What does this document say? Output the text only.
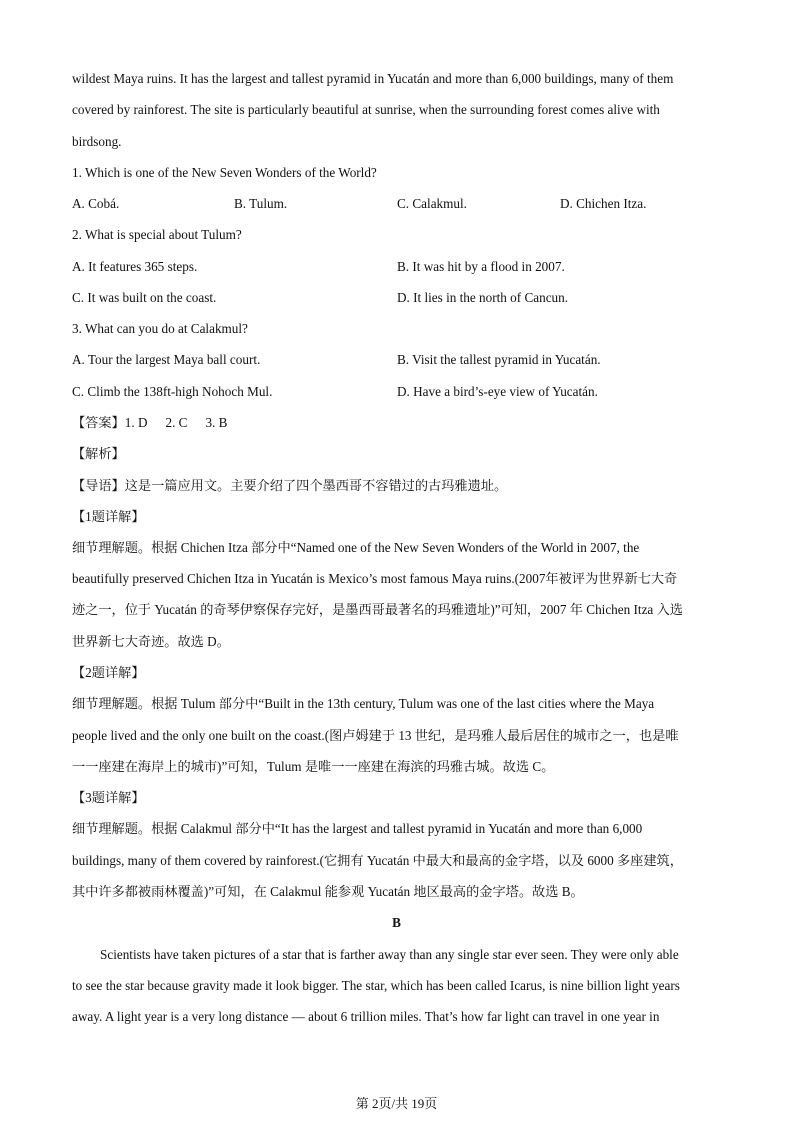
wildest Maya ruins. It has the largest and tallest pyramid in Yucatán and more than 6,000 buildings, many of them
covered by rainforest. The site is particularly beautiful at sunrise, when the surrounding forest comes alive with
birdsong.
1. Which is one of the New Seven Wonders of the World?
A. Cobá.	B. Tulum.	C. Calakmul.	D. Chichen Itza.
2. What is special about Tulum?
A. It features 365 steps.	B. It was hit by a flood in 2007.
C. It was built on the coast.	D. It lies in the north of Cancun.
3. What can you do at Calakmul?
A. Tour the largest Maya ball court.	B. Visit the tallest pyramid in Yucatán.
C. Climb the 138ft-high Nohoch Mul.	D. Have a bird’s-eye view of Yucatán.
【答案】1. D 2. C 3. B
【解析】
【导语】这是一篇应用文。主要介绍了四个墨西哥不容错过的古玛雅遗址。
【1题详解】
细节理解题。根据 Chichen Itza 部分中“Named one of the New Seven Wonders of the World in 2007, the
beautifully preserved Chichen Itza in Yucatán is Mexico’s most famous Maya ruins.(2007年被评为世界新七大奇
迹之一，位于 Yucatán 的奇琴伊察保存完好，是墨西哥最著名的玛雅遗址)”可知，2007 年 Chichen Itza 入选
世界新七大奇迹。故选 D。
【2题详解】
细节理解题。根据 Tulum 部分中“Built in the 13th century, Tulum was one of the last cities where the Maya
people lived and the only one built on the coast.(图卢姆建于 13 世纪，是玛雅人最后居住的城市之一，也是唯
一一座建在海岸上的城市)”可知，Tulum 是唯一一座建在海滨的玛雅古城。故选 C。
【3题详解】
细节理解题。根据 Calakmul 部分中“It has the largest and tallest pyramid in Yucatán and more than 6,000
buildings, many of them covered by rainforest.(它拥有 Yucatán 中最大和最高的金字塔，以及 6000 多座建筑，
其中许多都被雨林覆盖)”可知，在 Calakmul 能参观 Yucatán 地区最高的金字塔。故选 B。
B
Scientists have taken pictures of a star that is farther away than any single star ever seen. They were only able
to see the star because gravity made it look bigger. The star, which has been called Icarus, is nine billion light years
away. A light year is a very long distance — about 6 trillion miles. That’s how far light can travel in one year in
第 2页/共 19页
